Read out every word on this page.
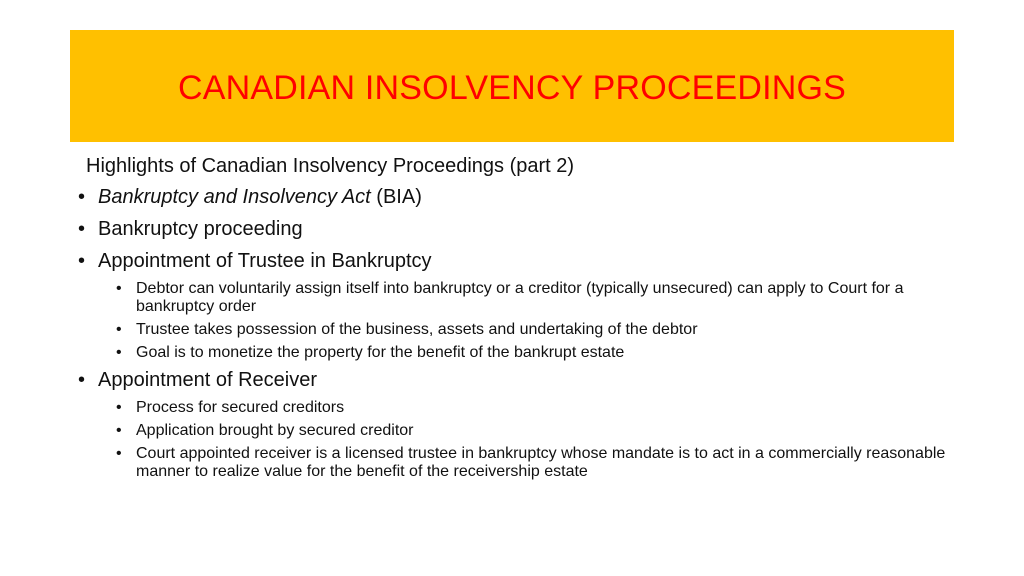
CANADIAN INSOLVENCY PROCEEDINGS
Highlights of Canadian Insolvency Proceedings (part 2)
• Bankruptcy and Insolvency Act (BIA)
• Bankruptcy proceeding
• Appointment of Trustee in Bankruptcy
• Debtor can voluntarily assign itself into bankruptcy or a creditor (typically unsecured) can apply to Court for a bankruptcy order
• Trustee takes possession of the business, assets and undertaking of the debtor
• Goal is to monetize the property for the benefit of the bankrupt estate
• Appointment of Receiver
• Process for secured creditors
• Application brought by secured creditor
• Court appointed receiver is a licensed trustee in bankruptcy whose mandate is to act in a commercially reasonable manner to realize value for the benefit of the receivership estate
